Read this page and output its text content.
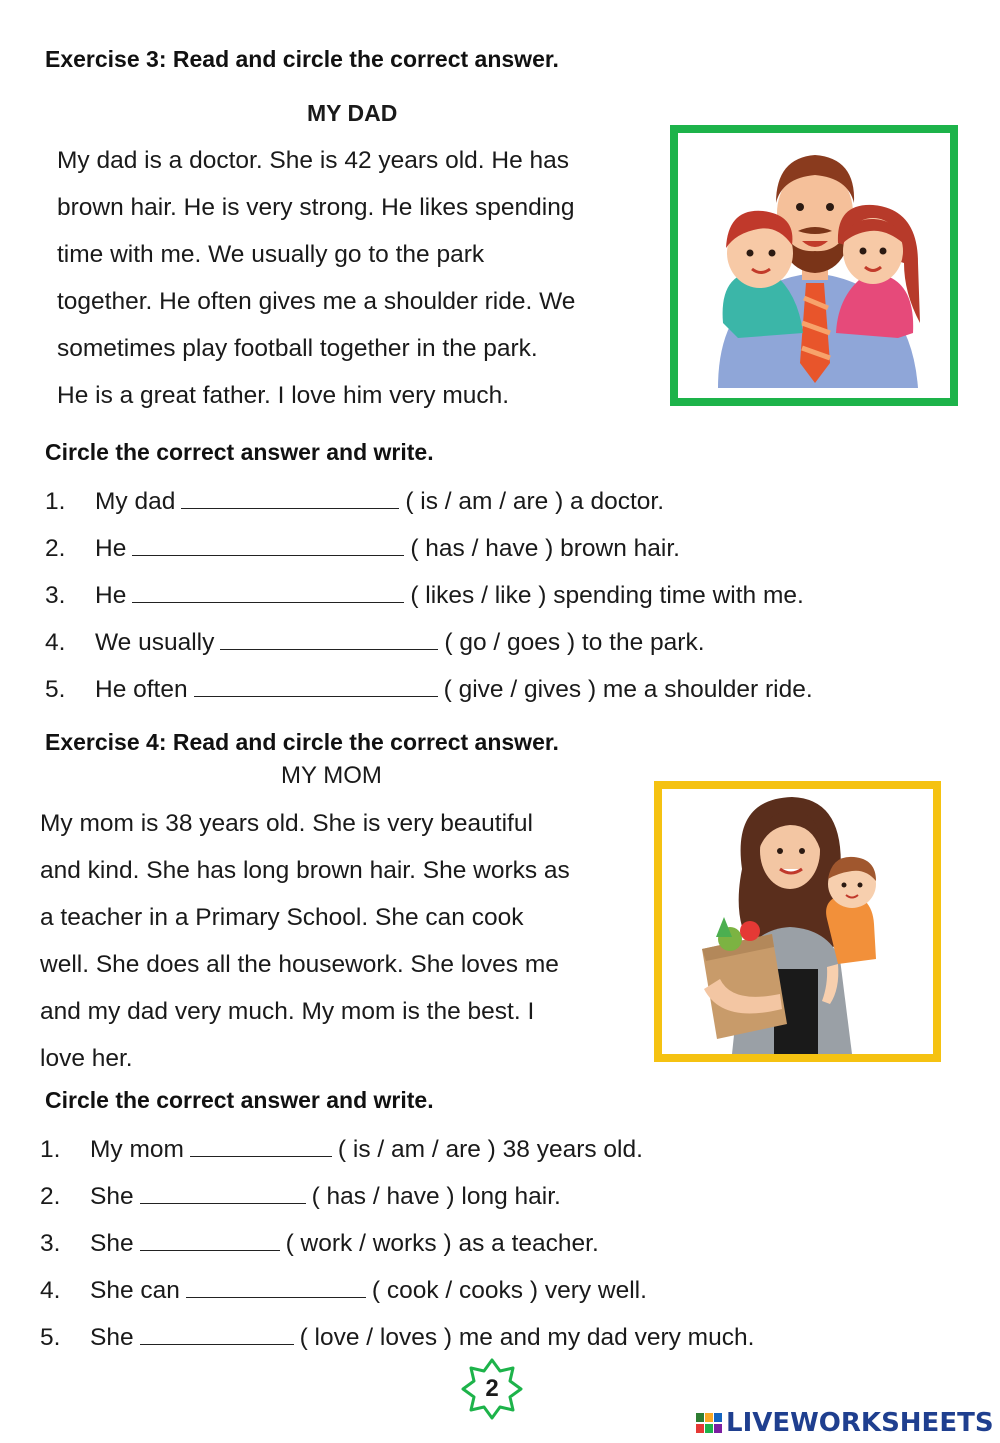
Exercise 3: Read and circle the correct answer.
MY DAD

My dad is a doctor. She is 42 years old. He has

brown hair. He is very strong. He likes spending

time with me. We usually go to the park

together. He often gives me a shoulder ride. We

sometimes play football together in the park.

He is a great father. I love him very much.

Circle the correct answer and write.
1. My dad	( is / am / are ) a doctor.
2. He	( has / have ) brown hair.
3. He	( likes / like ) spending time with me.
4. We usually	( go / goes ) to the park.
5. He often	( give / gives ) me a shoulder ride.
Exercise 4: Read and circle the correct answer.
MY MOM

My mom is 38 years old. She is very beautiful

and kind. She has long brown hair. She works as

a teacher in a Primary School. She can cook

well. She does all the housework. She loves me

and my dad very much. My mom is the best. I

love her.

Circle the correct answer and write.
1. My mom	( is / am / are ) 38 years old.
2. She	( has / have ) long hair.
3. She	( work / works ) as a teacher.
4. She can	( cook / cooks ) very well.
5. She	( love / loves ) me and my dad very much.
2
LIVEWORKSHEETS
